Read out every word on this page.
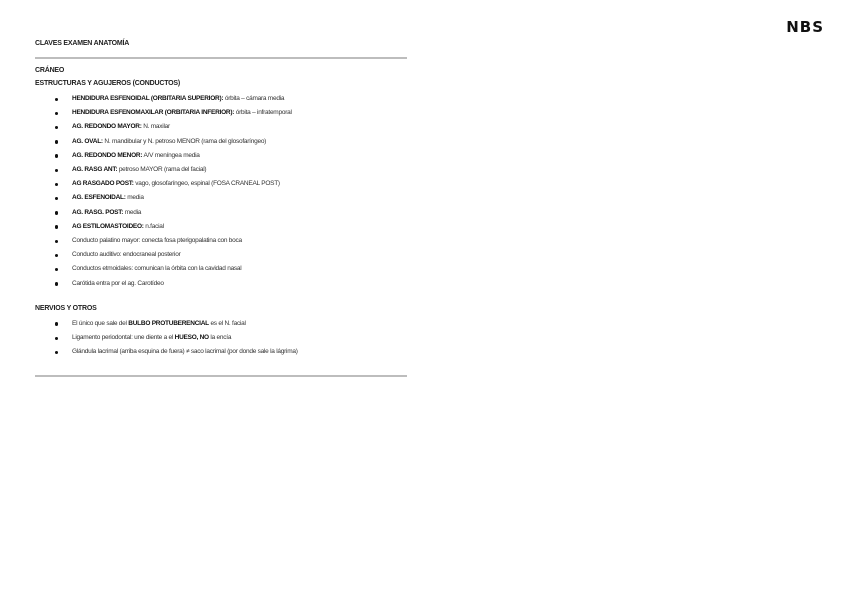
NBS
CLAVES EXAMEN ANATOMÍA
CRÁNEO
ESTRUCTURAS Y AGUJEROS (CONDUCTOS)
HENDIDURA ESFENOIDAL (ORBITARIA SUPERIOR): órbita – cámara media
HENDIDURA ESFENOMAXILAR (ORBITARIA INFERIOR): órbita – infratemporal
AG. REDONDO MAYOR: N. maxilar
AG. OVAL: N. mandibular y N. petroso MENOR (rama del glosofaríngeo)
AG. REDONDO MENOR: A/V meníngea media
AG. RASG ANT: petroso MAYOR (rama del facial)
AG RASGADO POST: vago, glosofaríngeo, espinal (FOSA CRANEAL POST)
AG. ESFENOIDAL: media
AG. RASG. POST: media
AG ESTILOMASTOIDEO: n.facial
Conducto palatino mayor: conecta fosa pterigopalatina con boca
Conducto auditivo: endocraneal posterior
Conductos etmoidales: comunican la órbita con la cavidad nasal
Carótida entra por el ag. Carotídeo
NERVIOS Y OTROS
El único que sale del BULBO PROTUBERENCIAL es el N. facial
Ligamento periodontal: une diente a el HUESO, NO la encía
Glándula lacrimal (arriba esquina de fuera) ≠ saco lacrimal (por donde sale la lágrima)
